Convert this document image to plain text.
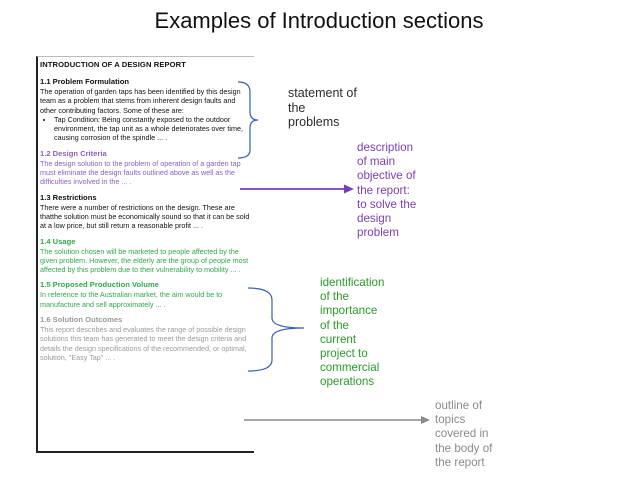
Examples of Introduction sections
INTRODUCTION OF A DESIGN REPORT
1.1 Problem Formulation

The operation of garden taps has been identified by this design team as a problem that stems from inherent design faults and other contributing factors. Some of these are:

• Tap Condition: Being constantly exposed to the outdoor environment, the tap unit as a whole deteriorates over time, causing corrosion of the spindle ... .
1.2 Design Criteria

The design solution to the problem of operation of a garden tap must eliminate the design faults outlined above as well as the difficulties involved in the ... .

1.3 Restrictions

There were a number of restrictions on the design. These are thatthe solution must be economically sound so that it can be sold at a low price, but still return a reasonable profit ... .

1.4 Usage

The solution chosen will be marketed to people affected by the given problem. However, the elderly are the group of people most affected by this problem due to their vulnerability to mobility ... .

1.5 Proposed Production Volume

In reference to the Australian market, the aim would be to manufacture and sell approximately ... .

1.6 Solution Outcomes

This report describes and evaluates the range of possible design solutions this team has generated to meet the design criteria and details the design specifications of the recommended, or optimal, solution, "Easy Tap" ... .

statement of
the
problems
description
of main
objective of
the report:
to solve the
design
problem
identification
of the
importance
of the
current
project to
commercial
operations
outline of
topics
covered in
the body of
the report
